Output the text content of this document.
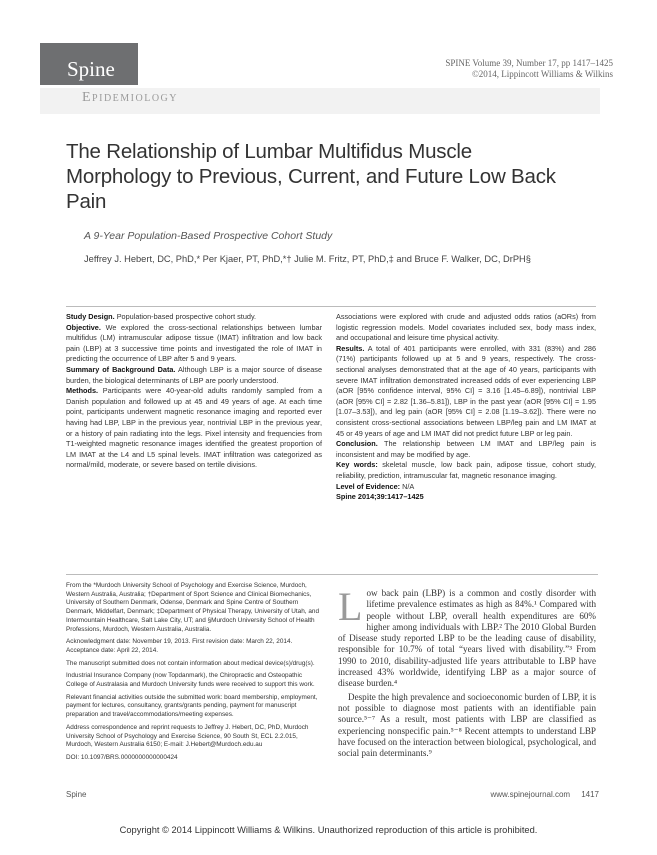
Spine	SPINE Volume 39, Number 17, pp 1417–1425
©2014, Lippincott Williams & Wilkins
Epidemiology
The Relationship of Lumbar Multifidus Muscle Morphology to Previous, Current, and Future Low Back Pain
A 9-Year Population-Based Prospective Cohort Study
Jeffrey J. Hebert, DC, PhD,* Per Kjaer, PT, PhD,*† Julie M. Fritz, PT, PhD,‡ and Bruce F. Walker, DC, DrPH§

Study Design. Population-based prospective cohort study.

Objective. We explored the cross-sectional relationships between lumbar multifidus (LM) intramuscular adipose tissue (IMAT) infiltration and low back pain (LBP) at 3 successive time points and investigated the role of IMAT in predicting the occurrence of LBP after 5 and 9 years.

Summary of Background Data. Although LBP is a major source of disease burden, the biological determinants of LBP are poorly understood.

Methods. Participants were 40-year-old adults randomly sampled from a Danish population and followed up at 45 and 49 years of age. At each time point, participants underwent magnetic resonance imaging and reported ever having had LBP, LBP in the previous year, nontrivial LBP in the previous year, or a history of pain radiating into the legs. Pixel intensity and frequencies from T1-weighted magnetic resonance images identified the greatest proportion of LM IMAT at the L4 and L5 spinal levels. IMAT infiltration was categorized as normal/mild, moderate, or severe based on tertile divisions.

Associations were explored with crude and adjusted odds ratios (aORs) from logistic regression models. Model covariates included sex, body mass index, and occupational and leisure time physical activity.

Results. A total of 401 participants were enrolled, with 331 (83%) and 286 (71%) participants followed up at 5 and 9 years, respectively. The cross-sectional analyses demonstrated that at the age of 40 years, participants with severe IMAT infiltration demonstrated increased odds of ever experiencing LBP (aOR [95% confidence interval, 95% CI] = 3.16 [1.45–6.89]), nontrivial LBP (aOR [95% CI] = 2.82 [1.36–5.81]), LBP in the past year (aOR [95% CI] = 1.95 [1.07–3.53]), and leg pain (aOR [95% CI] = 2.08 [1.19–3.62]). There were no consistent cross-sectional associations between LBP/leg pain and LM IMAT at 45 or 49 years of age and LM IMAT did not predict future LBP or leg pain.

Conclusion. The relationship between LM IMAT and LBP/leg pain is inconsistent and may be modified by age.

Key words: skeletal muscle, low back pain, adipose tissue, cohort study, reliability, prediction, intramuscular fat, magnetic resonance imaging.

Level of Evidence: N/A

Spine 2014;39:1417–1425

From the *Murdoch University School of Psychology and Exercise Science, Murdoch, Western Australia, Australia; †Department of Sport Science and Clinical Biomechanics, University of Southern Denmark, Odense, Denmark and Spine Centre of Southern Denmark, Middelfart, Denmark; ‡Department of Physical Therapy, University of Utah, and Intermountain Healthcare, Salt Lake City, UT; and §Murdoch University School of Health Professions, Murdoch, Western Australia, Australia.

Acknowledgment date: November 19, 2013. First revision date: March 22, 2014. Acceptance date: April 22, 2014.

The manuscript submitted does not contain information about medical device(s)/drug(s).

Industrial Insurance Company (now Topdanmark), the Chiropractic and Osteopathic College of Australasia and Murdoch University funds were received to support this work.

Relevant financial activities outside the submitted work: board membership, employment, payment for lectures, consultancy, grants/grants pending, payment for manuscript preparation and travel/accommodations/meeting expenses.

Address correspondence and reprint requests to Jeffrey J. Hebert, DC, PhD, Murdoch University School of Psychology and Exercise Science, 90 South St, ECL 2.2.015, Murdoch, Western Australia 6150; E-mail: J.Hebert@Murdoch.edu.au

DOI: 10.1097/BRS.0000000000000424

Low back pain (LBP) is a common and costly disorder with lifetime prevalence estimates as high as 84%.¹ Compared with people without LBP, overall health expenditures are 60% higher among individuals with LBP.² The 2010 Global Burden of Disease study reported LBP to be the leading cause of disability, responsible for 10.7% of total “years lived with disability.”³ From 1990 to 2010, disability-adjusted life years attributable to LBP have increased 43% worldwide, identifying LBP as a major source of disease burden.⁴

Despite the high prevalence and socioeconomic burden of LBP, it is not possible to diagnose most patients with an identifiable pain source.⁵⁻⁷ As a result, most patients with LBP are classified as experiencing nonspecific pain.⁵⁻⁸ Recent attempts to understand LBP have focused on the interaction between biological, psychological, and social pain determinants.⁹

Spine	www.spinejournal.com     1417
Copyright © 2014 Lippincott Williams & Wilkins. Unauthorized reproduction of this article is prohibited.
